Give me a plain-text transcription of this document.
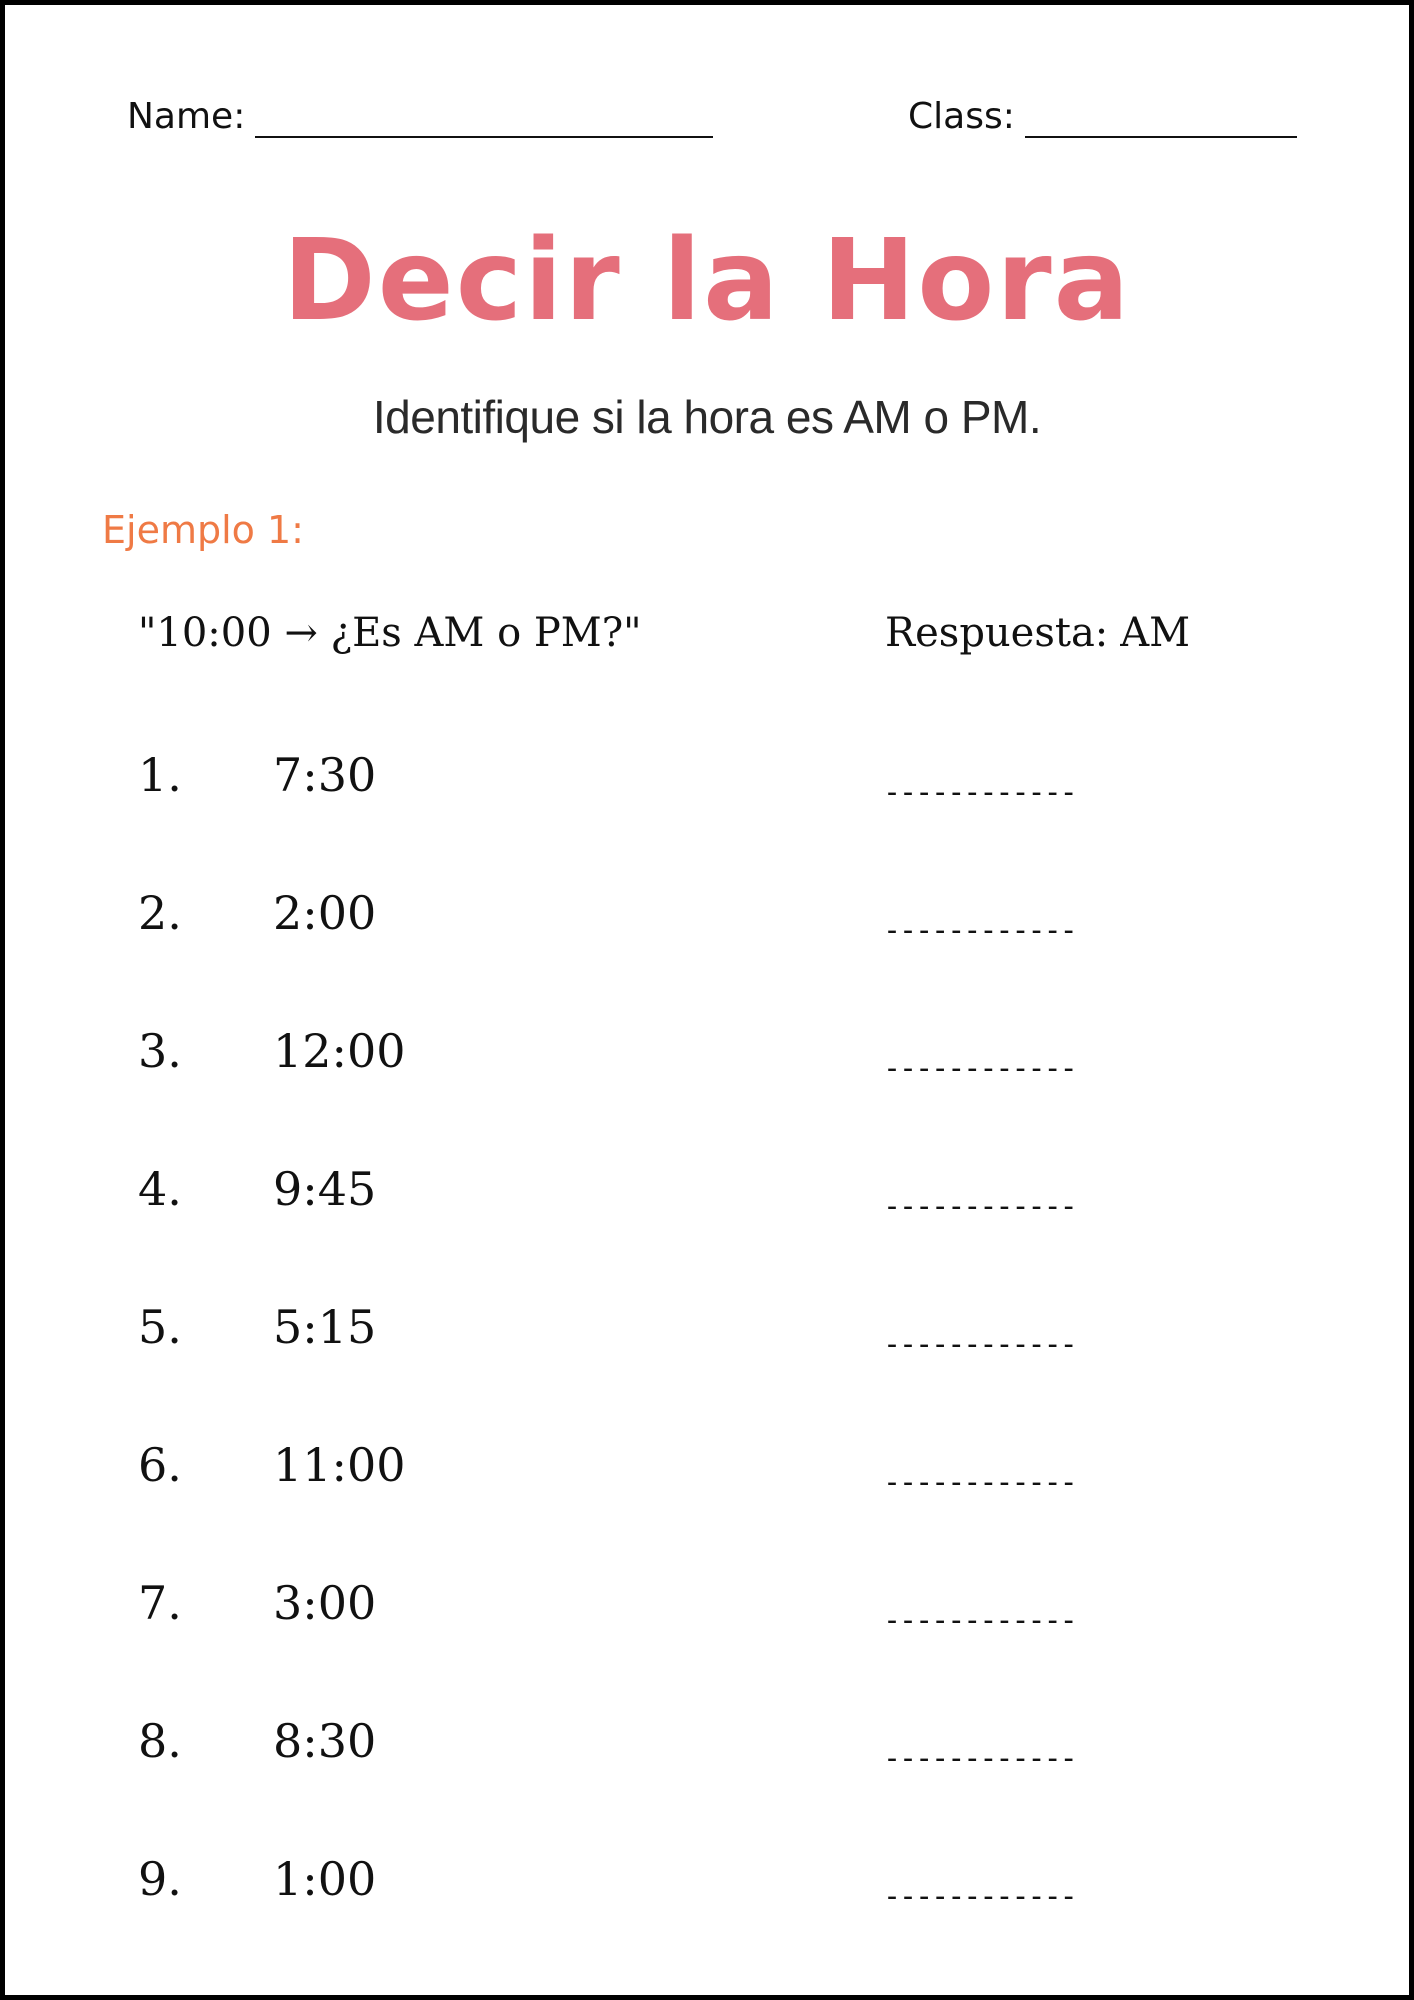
Name:	Class:
Decir la Hora
Identifique si la hora es AM o PM.
Ejemplo 1:
"10:00 → ¿Es AM o PM?"	Respuesta: AM
1. 7:30	------------
2. 2:00	------------
3. 12:00	------------
4. 9:45	------------
5. 5:15	------------
6. 11:00	------------
7. 3:00	------------
8. 8:30	------------
9. 1:00	------------
